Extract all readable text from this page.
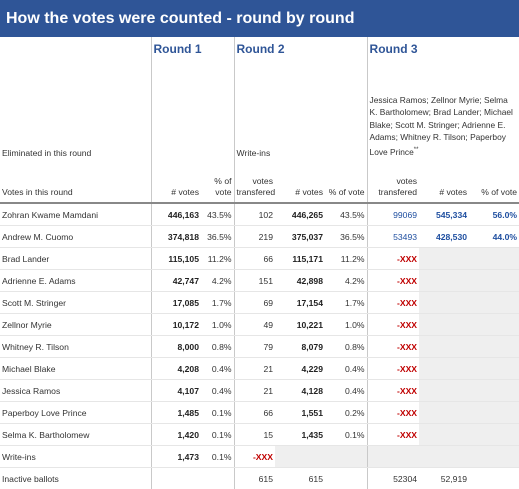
How the votes were counted - round by round
	Round 1		Round 2			Round 3		
Eliminated in this round			Write-ins			Jessica Ramos; Zellnor Myrie; Selma K. Bartholomew; Brad Lander; Michael Blake; Scott M. Stringer; Adrienne E. Adams; Whitney R. Tilson; Paperboy Love Prince**
Votes in this round	# votes	% of vote	votes transfered	# votes	% of vote	votes transfered	# votes	% of vote
Zohran Kwame Mamdani	446,163	43.5%	102	446,265	43.5%	99069	545,334	56.0%
Andrew M. Cuomo	374,818	36.5%	219	375,037	36.5%	53493	428,530	44.0%
Brad Lander	115,105	11.2%	66	115,171	11.2%	-XXX		
Adrienne E. Adams	42,747	4.2%	151	42,898	4.2%	-XXX		
Scott M. Stringer	17,085	1.7%	69	17,154	1.7%	-XXX		
Zellnor Myrie	10,172	1.0%	49	10,221	1.0%	-XXX		
Whitney R. Tilson	8,000	0.8%	79	8,079	0.8%	-XXX		
Michael Blake	4,208	0.4%	21	4,229	0.4%	-XXX		
Jessica Ramos	4,107	0.4%	21	4,128	0.4%	-XXX		
Paperboy Love Prince	1,485	0.1%	66	1,551	0.2%	-XXX		
Selma K. Bartholomew	1,420	0.1%	15	1,435	0.1%	-XXX		
Write-ins	1,473	0.1%	-XXX					
Inactive ballots			615	615		52304	52,919	
